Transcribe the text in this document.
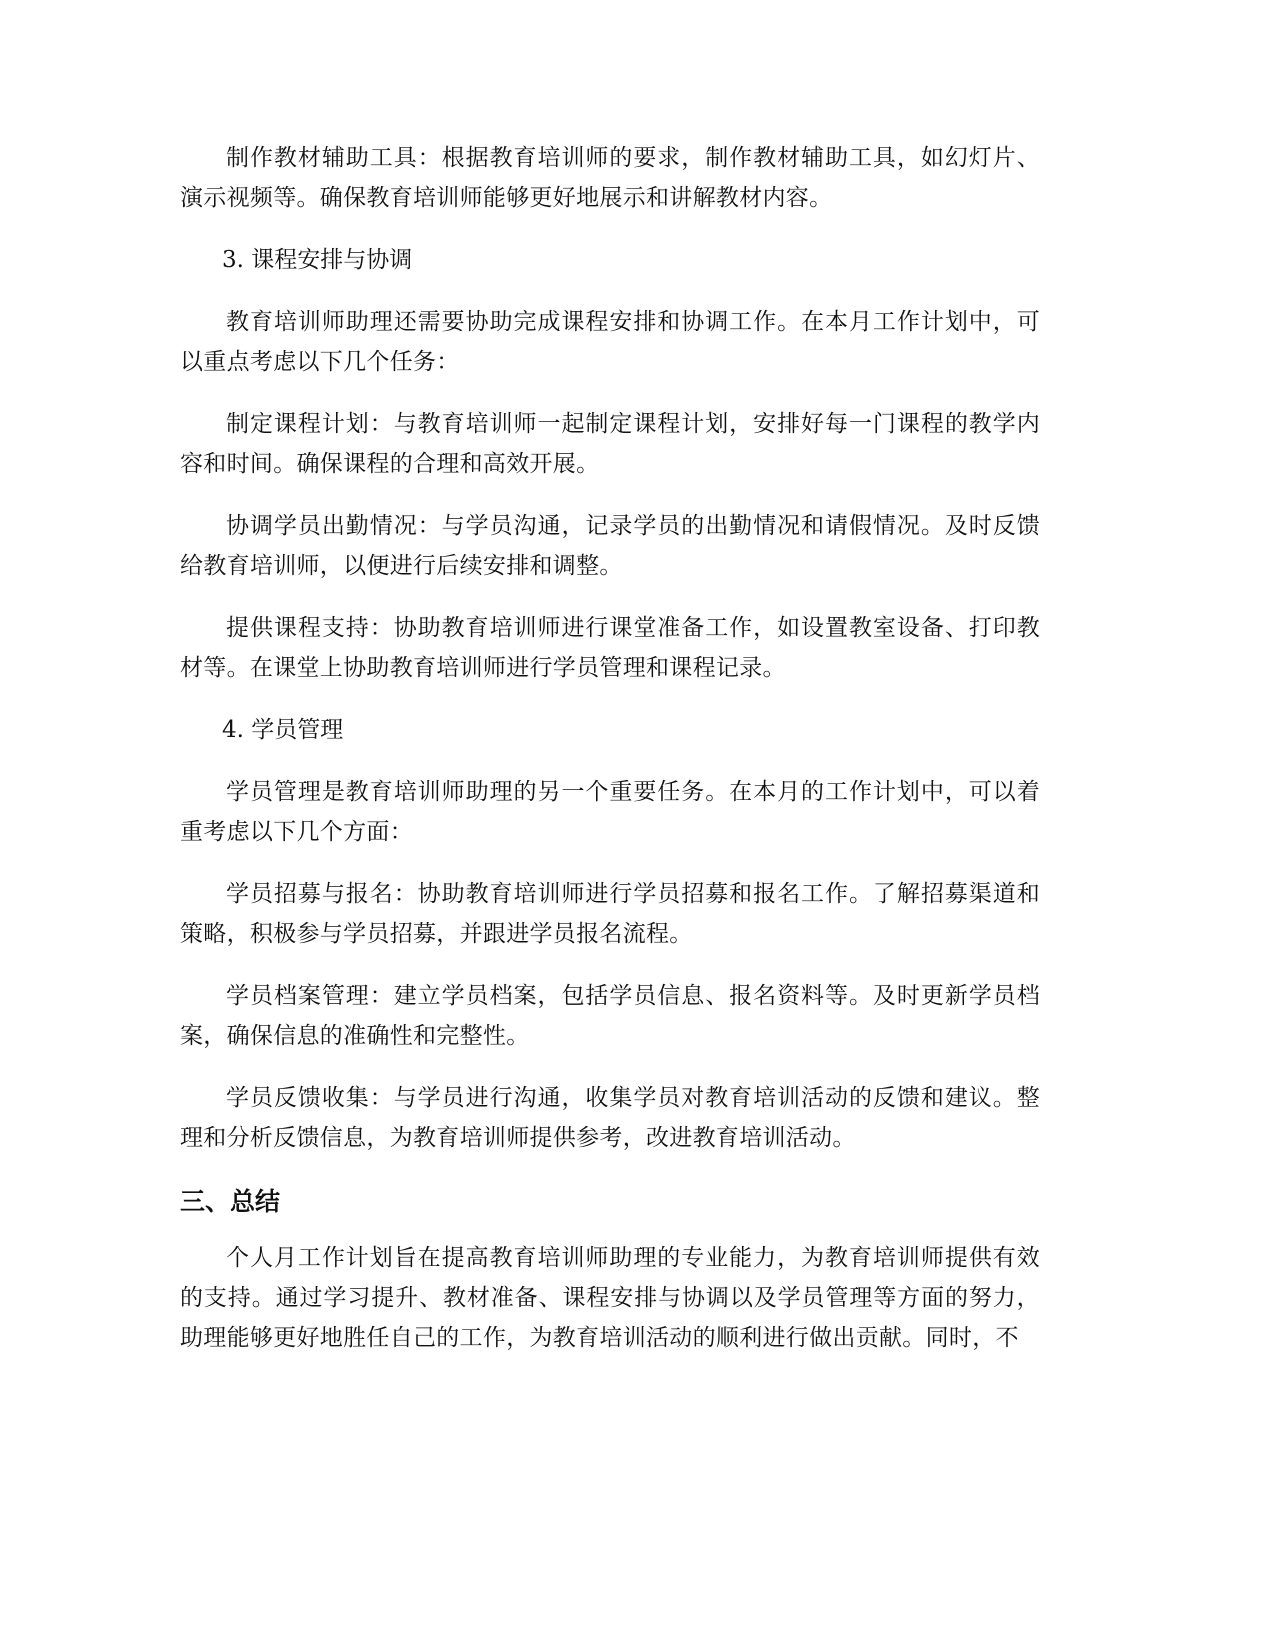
制作教材辅助工具：根据教育培训师的要求，制作教材辅助工具，如幻灯片、演示视频等。确保教育培训师能够更好地展示和讲解教材内容。

3. 课程安排与协调

教育培训师助理还需要协助完成课程安排和协调工作。在本月工作计划中，可以重点考虑以下几个任务：

制定课程计划：与教育培训师一起制定课程计划，安排好每一门课程的教学内容和时间。确保课程的合理和高效开展。

协调学员出勤情况：与学员沟通，记录学员的出勤情况和请假情况。及时反馈给教育培训师，以便进行后续安排和调整。

提供课程支持：协助教育培训师进行课堂准备工作，如设置教室设备、打印教材等。在课堂上协助教育培训师进行学员管理和课程记录。

4. 学员管理

学员管理是教育培训师助理的另一个重要任务。在本月的工作计划中，可以着重考虑以下几个方面：

学员招募与报名：协助教育培训师进行学员招募和报名工作。了解招募渠道和策略，积极参与学员招募，并跟进学员报名流程。

学员档案管理：建立学员档案，包括学员信息、报名资料等。及时更新学员档案，确保信息的准确性和完整性。

学员反馈收集：与学员进行沟通，收集学员对教育培训活动的反馈和建议。整理和分析反馈信息，为教育培训师提供参考，改进教育培训活动。

三、总结

个人月工作计划旨在提高教育培训师助理的专业能力，为教育培训师提供有效的支持。通过学习提升、教材准备、课程安排与协调以及学员管理等方面的努力，助理能够更好地胜任自己的工作，为教育培训活动的顺利进行做出贡献。同时，不
